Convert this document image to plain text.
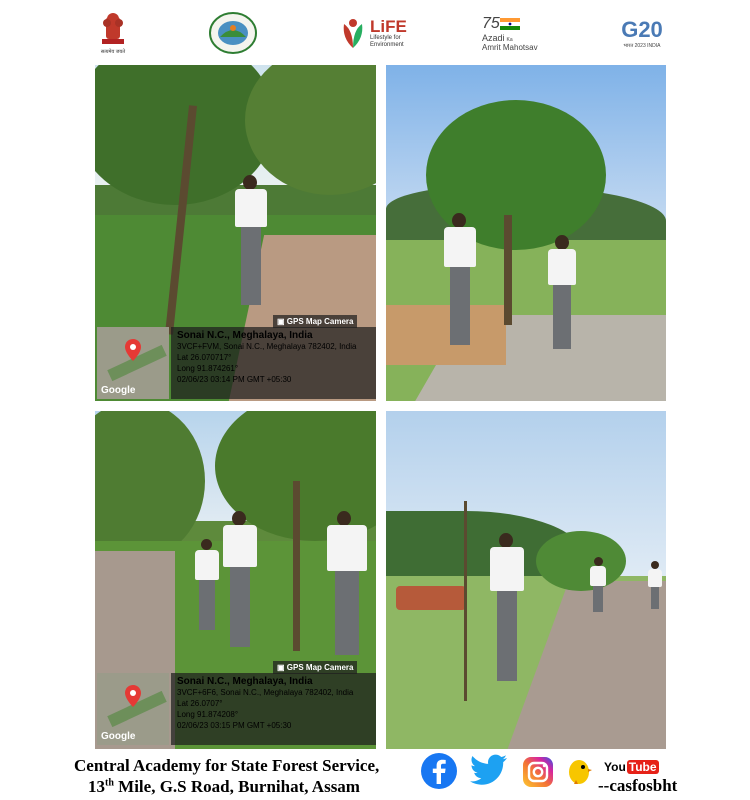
सत्यमेव जयते
LiFE
Lifestyle for Environment
75
Azadi Ka
Amrit Mahotsav
G20
भारत 2023 INDIA
▣ GPS Map Camera
Google
Sonai N.C., Meghalaya, India
3VCF+FVM, Sonai N.C., Meghalaya 782402, India
Lat 26.070717°
Long 91.874261°
02/06/23 03:14 PM GMT +05:30
▣ GPS Map Camera
Google
Sonai N.C., Meghalaya, India
3VCF+6F6, Sonai N.C., Meghalaya 782402, India
Lat 26.0707°
Long 91.874208°
02/06/23 03:15 PM GMT +05:30
Central Academy for State Forest Service,
13th Mile, G.S Road, Burnihat, Assam
You Tube
--casfosbht
